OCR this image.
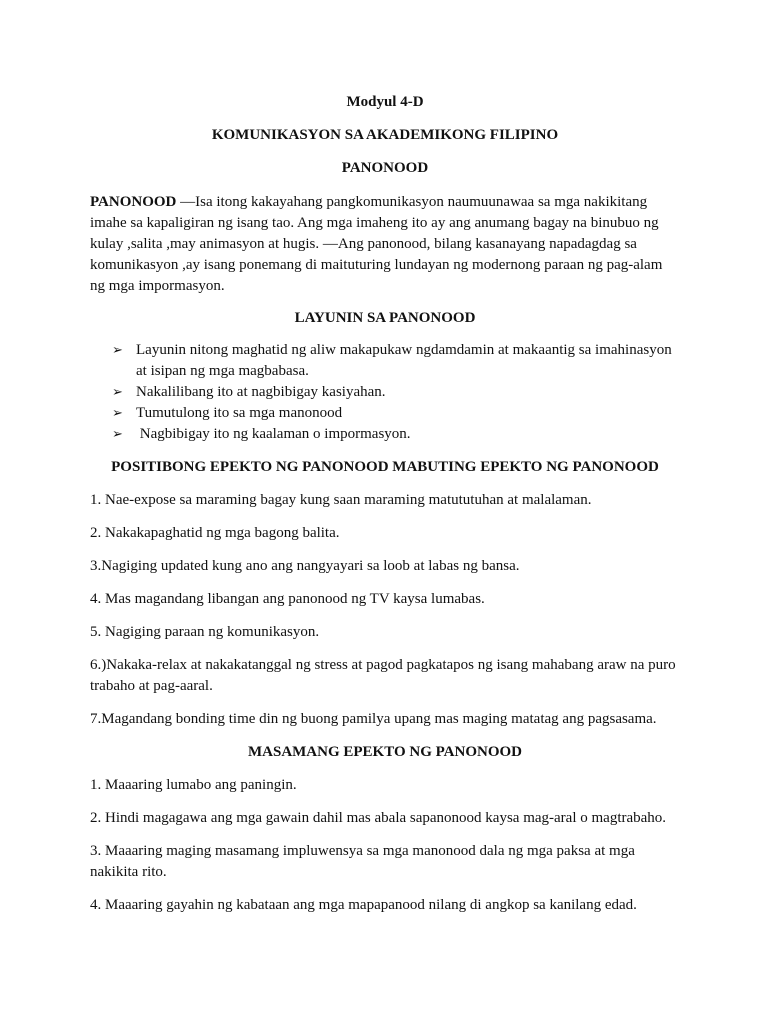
Modyul 4-D

KOMUNIKASYON SA AKADEMIKONG FILIPINO

PANONOOD

PANONOOD —Isa itong kakayahang pangkomunikasyon naumuunawaa sa mga nakikitang imahe sa kapaligiran ng isang tao. Ang mga imaheng ito ay ang anumang bagay na binubuo ng kulay ,salita ,may animasyon at hugis. —Ang panonood, bilang kasanayang napadagdag sa komunikasyon ,ay isang ponemang di maituturing lundayan ng modernong paraan ng pag-alam ng mga impormasyon.

LAYUNIN SA PANONOOD

➢ Layunin nitong maghatid ng aliw makapukaw ngdamdamin at makaantig sa imahinasyon at isipan ng mga magbabasa.
➢ Nakalilibang ito at nagbibigay kasiyahan.
➢ Tumutulong ito sa mga manonood
➢ Nagbibigay ito ng kaalaman o impormasyon.

POSITIBONG EPEKTO NG PANONOOD MABUTING EPEKTO NG PANONOOD

1. Nae-expose sa maraming bagay kung saan maraming matututuhan at malalaman.

2. Nakakapaghatid ng mga bagong balita.

3.Nagiging updated kung ano ang nangyayari sa loob at labas ng bansa.

4. Mas magandang libangan ang panonood ng TV kaysa lumabas.

5. Nagiging paraan ng komunikasyon.

6.)Nakaka-relax at nakakatanggal ng stress at pagod pagkatapos ng isang mahabang araw na puro trabaho at pag-aaral.

7.Magandang bonding time din ng buong pamilya upang mas maging matatag ang pagsasama.

MASAMANG EPEKTO NG PANONOOD

1. Maaaring lumabo ang paningin.

2. Hindi magagawa ang mga gawain dahil mas abala sapanonood kaysa mag-aral o magtrabaho.

3. Maaaring maging masamang impluwensya sa mga manonood dala ng mga paksa at mga nakikita rito.

4. Maaaring gayahin ng kabataan ang mga mapapanood nilang di angkop sa kanilang edad.
